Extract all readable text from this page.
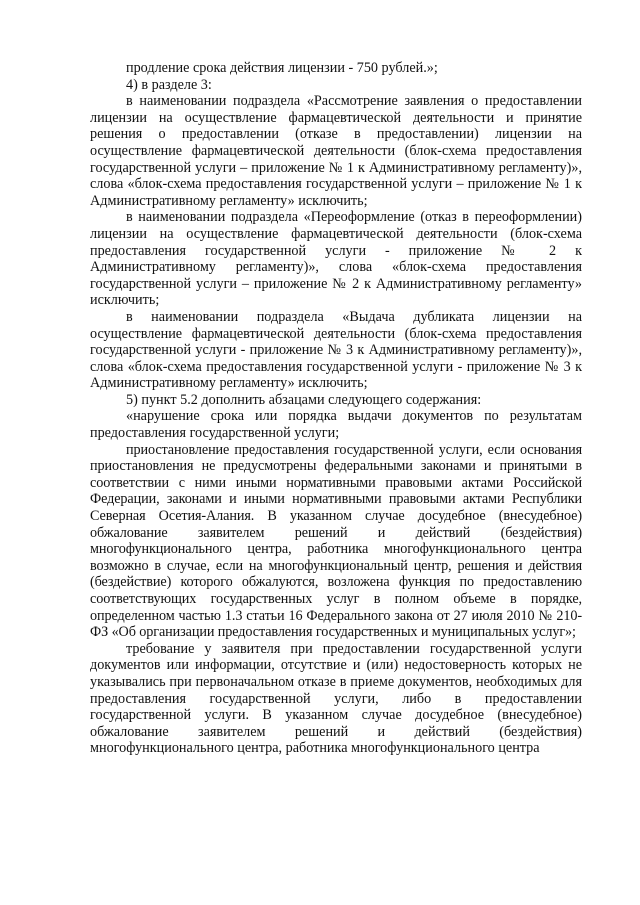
продление срока действия лицензии - 750 рублей.»;

4) в разделе 3:

в наименовании подраздела «Рассмотрение заявления о предоставлении лицензии на осуществление фармацевтической деятельности и принятие решения о предоставлении (отказе в предоставлении) лицензии на осуществление фармацевтической деятельности (блок-схема предоставления государственной услуги – приложение № 1 к Административному регламенту)», слова «блок-схема предоставления государственной услуги – приложение № 1 к Административному регламенту» исключить;

в наименовании подраздела «Переоформление (отказ в переоформлении) лицензии на осуществление фармацевтической деятельности (блок-схема предоставления государственной услуги - приложение № 2 к Административному регламенту)», слова «блок-схема предоставления государственной услуги – приложение № 2 к Административному регламенту» исключить;

в наименовании подраздела «Выдача дубликата лицензии на осуществление фармацевтической деятельности (блок-схема предоставления государственной услуги - приложение № 3 к Административному регламенту)», слова «блок-схема предоставления государственной услуги - приложение № 3 к Административному регламенту» исключить;

5) пункт 5.2 дополнить абзацами следующего содержания:

«нарушение срока или порядка выдачи документов по результатам предоставления государственной услуги;

приостановление предоставления государственной услуги, если основания приостановления не предусмотрены федеральными законами и принятыми в соответствии с ними иными нормативными правовыми актами Российской Федерации, законами и иными нормативными правовыми актами Республики Северная Осетия-Алания. В указанном случае досудебное (внесудебное) обжалование заявителем решений и действий (бездействия) многофункционального центра, работника многофункционального центра возможно в случае, если на многофункциональный центр, решения и действия (бездействие) которого обжалуются, возложена функция по предоставлению соответствующих государственных услуг в полном объеме в порядке, определенном частью 1.3 статьи 16 Федерального закона от 27 июля 2010 № 210-ФЗ «Об организации предоставления государственных и муниципальных услуг»;

требование у заявителя при предоставлении государственной услуги документов или информации, отсутствие и (или) недостоверность которых не указывались при первоначальном отказе в приеме документов, необходимых для предоставления государственной услуги, либо в предоставлении государственной услуги. В указанном случае досудебное (внесудебное) обжалование заявителем решений и действий (бездействия) многофункционального центра, работника многофункционального центра
